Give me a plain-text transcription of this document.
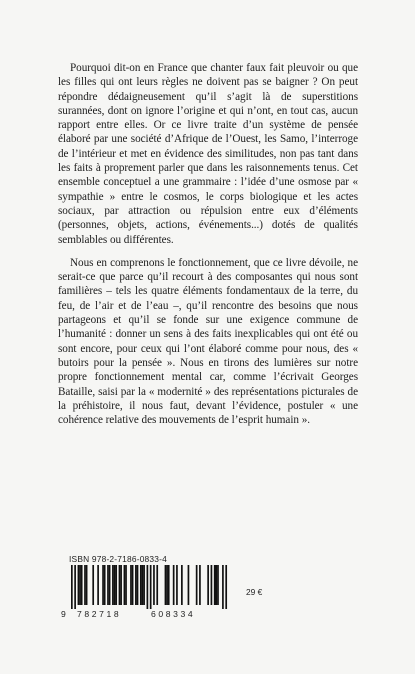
Pourquoi dit-on en France que chanter faux fait pleuvoir ou que les filles qui ont leurs règles ne doivent pas se baigner ? On peut répondre dédaigneusement qu’il s’agit là de superstitions surannées, dont on ignore l’origine et qui n’ont, en tout cas, aucun rapport entre elles. Or ce livre traite d’un système de pensée élaboré par une société d’Afrique de l’Ouest, les Samo, l’interroge de l’intérieur et met en évidence des similitudes, non pas tant dans les faits à proprement parler que dans les raisonnements tenus. Cet ensemble conceptuel a une grammaire : l’idée d’une osmose par « sympathie » entre le cosmos, le corps biologique et les actes sociaux, par attraction ou répulsion entre eux d’éléments (personnes, objets, actions, événements...) dotés de qualités semblables ou différentes.

Nous en comprenons le fonctionnement, que ce livre dévoile, ne serait-ce que parce qu’il recourt à des composantes qui nous sont familières – tels les quatre éléments fondamentaux de la terre, du feu, de l’air et de l’eau –, qu’il rencontre des besoins que nous partageons et qu’il se fonde sur une exigence commune de l’humanité : donner un sens à des faits inexplicables qui ont été ou sont encore, pour ceux qui l’ont élaboré comme pour nous, des « butoirs pour la pensée ». Nous en tirons des lumières sur notre propre fonctionnement mental car, comme l’écrivait Georges Bataille, saisi par la « modernité » des représentations picturales de la préhistoire, il nous faut, devant l’évidence, postuler « une cohérence relative des mouvements de l’esprit humain ».

ISBN 978-2-7186-0833-4
9 782718	608334
29 €
